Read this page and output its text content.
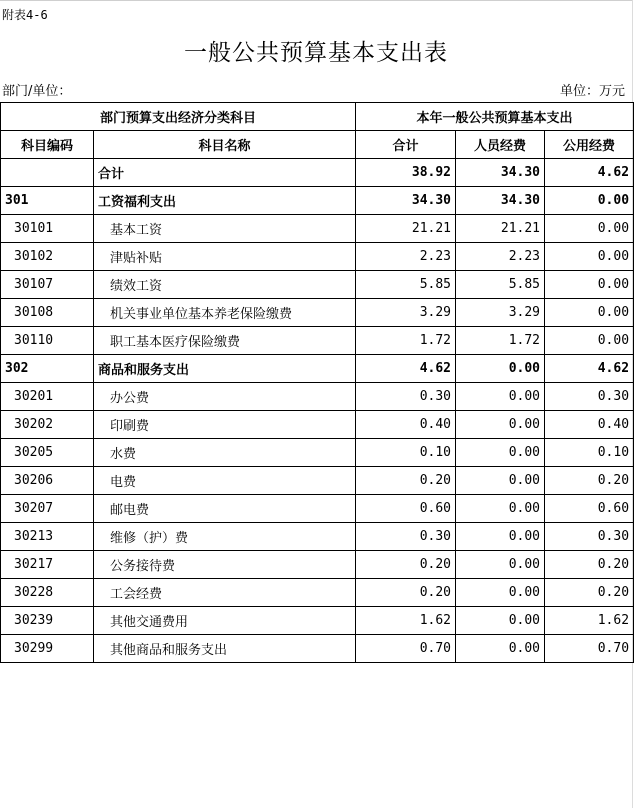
附表4-6
一般公共预算基本支出表
部门/单位：	单位：万元
部门预算支出经济分类科目		本年一般公共预算基本支出		
科目编码	科目名称	合计	人员经费	公用经费
	合计	38.92	34.30	4.62
301	工资福利支出	34.30	34.30	0.00
30101	基本工资	21.21	21.21	0.00
30102	津贴补贴	2.23	2.23	0.00
30107	绩效工资	5.85	5.85	0.00
30108	机关事业单位基本养老保险缴费	3.29	3.29	0.00
30110	职工基本医疗保险缴费	1.72	1.72	0.00
302	商品和服务支出	4.62	0.00	4.62
30201	办公费	0.30	0.00	0.30
30202	印刷费	0.40	0.00	0.40
30205	水费	0.10	0.00	0.10
30206	电费	0.20	0.00	0.20
30207	邮电费	0.60	0.00	0.60
30213	维修（护）费	0.30	0.00	0.30
30217	公务接待费	0.20	0.00	0.20
30228	工会经费	0.20	0.00	0.20
30239	其他交通费用	1.62	0.00	1.62
30299	其他商品和服务支出	0.70	0.00	0.70
